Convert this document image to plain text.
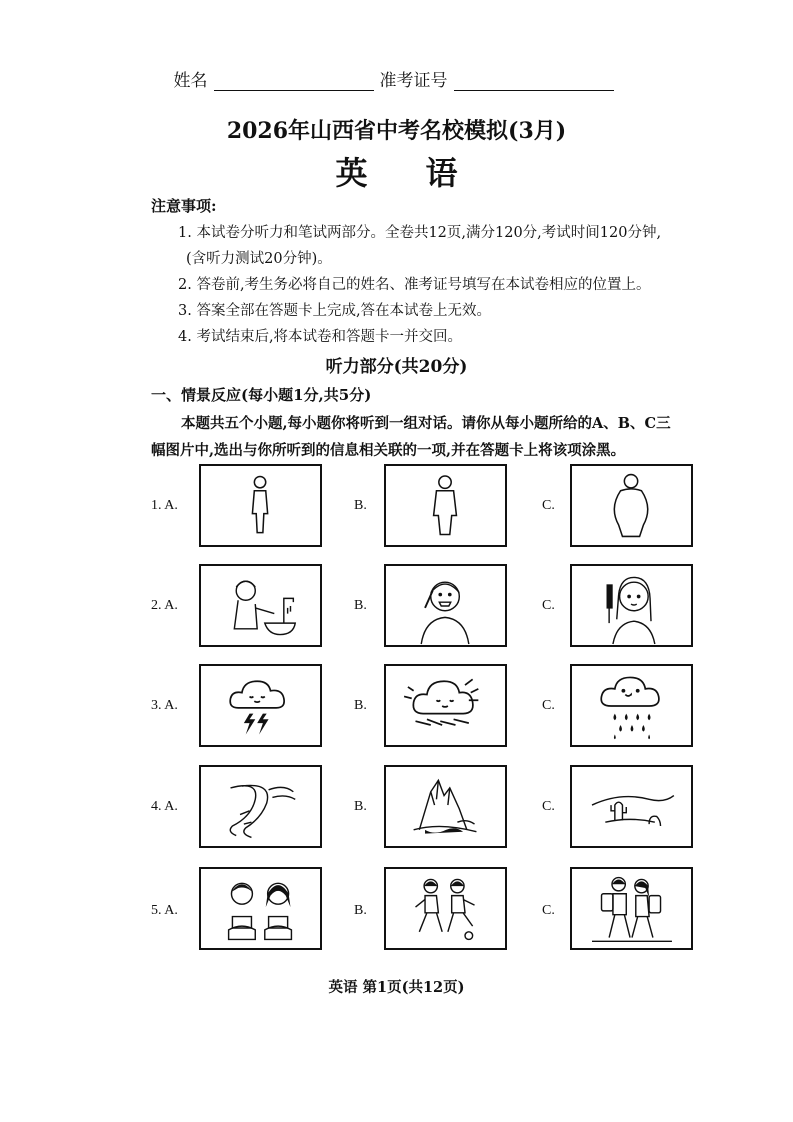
姓名	准考证号
2026年山西省中考名校模拟(3月)
英语
注意事项:
1. 本试卷分听力和笔试两部分。全卷共12页,满分120分,考试时间120分钟,
(含听力测试20分钟)。
2. 答卷前,考生务必将自己的姓名、准考证号填写在本试卷相应的位置上。
3. 答案全部在答题卡上完成,答在本试卷上无效。
4. 考试结束后,将本试卷和答题卡一并交回。
听力部分(共20分)
一、情景反应(每小题1分,共5分)
本题共五个小题,每小题你将听到一组对话。请你从每小题所给的A、B、C三幅图片中,选出与你所听到的信息相关联的一项,并在答题卡上将该项涂黑。
1. A.	B.	C.
2. A.	B.	C.
3. A.	B.	C.
4. A.	B.	C.
5. A.	B.	C.
英语 第1页(共12页)
